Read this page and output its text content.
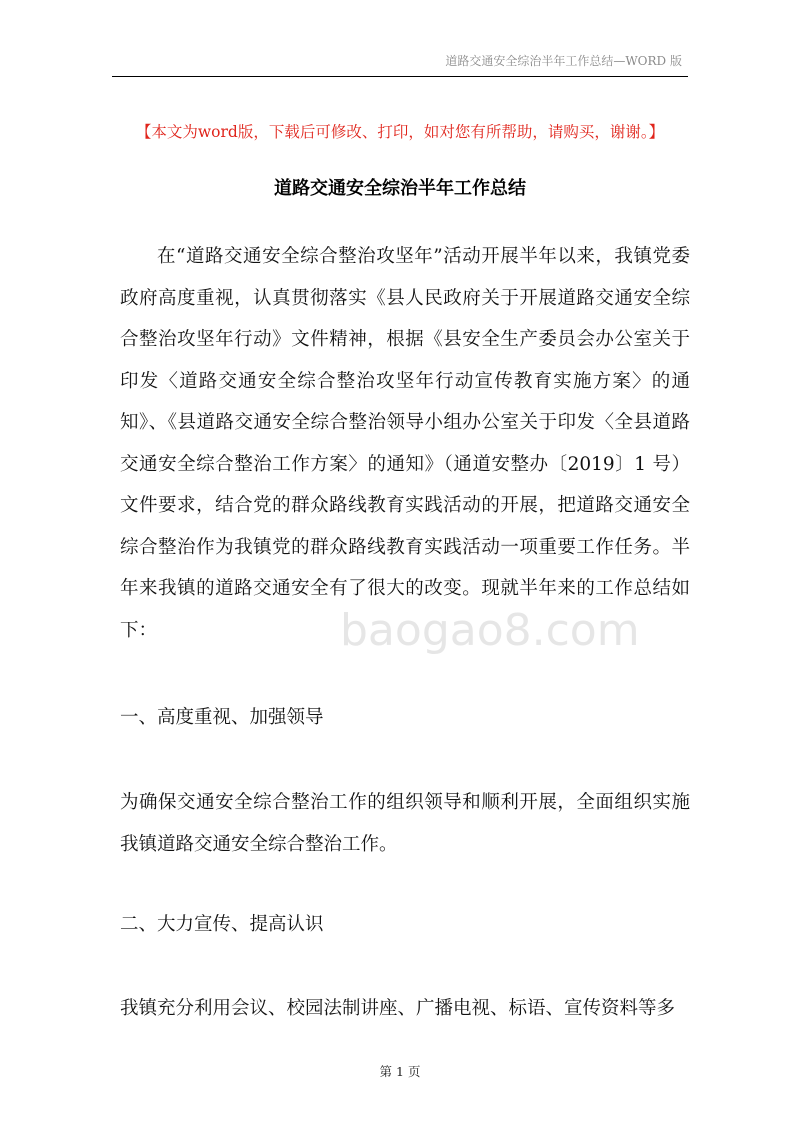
道路交通安全综治半年工作总结—WORD 版
【本文为word版，下载后可修改、打印，如对您有所帮助，请购买，谢谢。】
道路交通安全综治半年工作总结

在“道路交通安全综合整治攻坚年”活动开展半年以来，我镇党委政府高度重视，认真贯彻落实《县人民政府关于开展道路交通安全综合整治攻坚年行动》文件精神，根据《县安全生产委员会办公室关于印发〈道路交通安全综合整治攻坚年行动宣传教育实施方案〉的通知》、《县道路交通安全综合整治领导小组办公室关于印发〈全县道路交通安全综合整治工作方案〉的通知》（通道安整办〔2019〕1 号）文件要求，结合党的群众路线教育实践活动的开展，把道路交通安全综合整治作为我镇党的群众路线教育实践活动一项重要工作任务。半年来我镇的道路交通安全有了很大的改变。现就半年来的工作总结如下：	baogao8.com

一、高度重视、加强领导

为确保交通安全综合整治工作的组织领导和顺利开展，全面组织实施我镇道路交通安全综合整治工作。

二、大力宣传、提高认识

我镇充分利用会议、校园法制讲座、广播电视、标语、宣传资料等多

第 1 页
